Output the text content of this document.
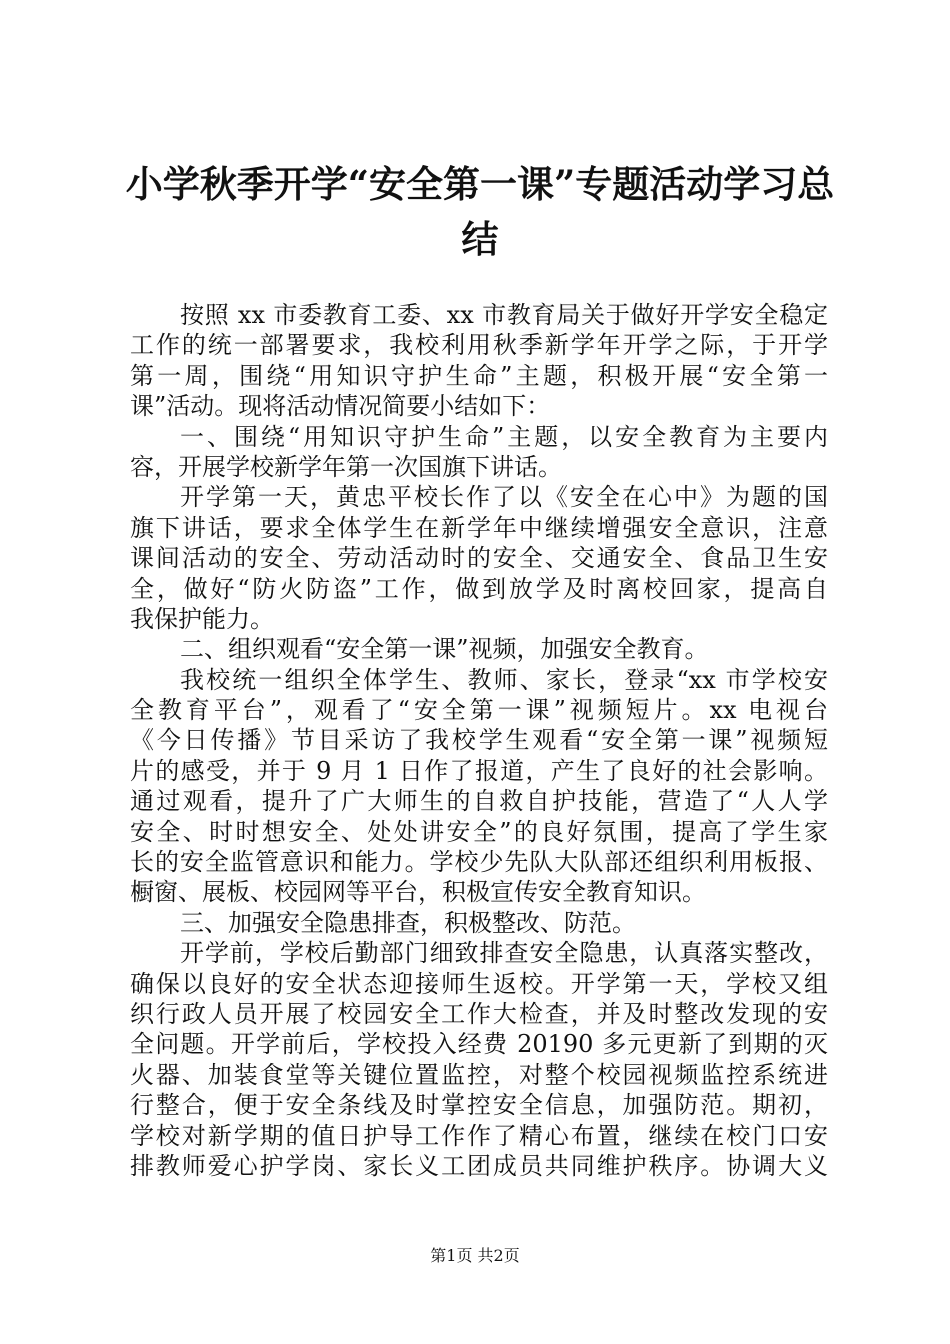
小学秋季开学“安全第一课”专题活动学习总
结
按照 xx 市委教育工委、xx 市教育局关于做好开学安全稳定
工作的统一部署要求，我校利用秋季新学年开学之际，于开学
第一周，围绕“用知识守护生命”主题，积极开展“安全第一
课”活动。现将活动情况简要小结如下：
一、围绕“用知识守护生命”主题，以安全教育为主要内
容，开展学校新学年第一次国旗下讲话。
开学第一天，黄忠平校长作了以《安全在心中》为题的国
旗下讲话，要求全体学生在新学年中继续增强安全意识，注意
课间活动的安全、劳动活动时的安全、交通安全、食品卫生安
全，做好“防火防盗”工作，做到放学及时离校回家，提高自
我保护能力。
二、组织观看“安全第一课”视频，加强安全教育。
我校统一组织全体学生、教师、家长，登录“xx 市学校安
全教育平台”，观看了“安全第一课”视频短片。xx 电视台
《今日传播》节目采访了我校学生观看“安全第一课”视频短
片的感受，并于 9 月 1 日作了报道，产生了良好的社会影响。
通过观看，提升了广大师生的自救自护技能，营造了“人人学
安全、时时想安全、处处讲安全”的良好氛围，提高了学生家
长的安全监管意识和能力。学校少先队大队部还组织利用板报、
橱窗、展板、校园网等平台，积极宣传安全教育知识。
三、加强安全隐患排查，积极整改、防范。
开学前，学校后勤部门细致排查安全隐患，认真落实整改，
确保以良好的安全状态迎接师生返校。开学第一天，学校又组
织行政人员开展了校园安全工作大检查，并及时整改发现的安
全问题。开学前后，学校投入经费 20190 多元更新了到期的灭
火器、加装食堂等关键位置监控，对整个校园视频监控系统进
行整合，便于安全条线及时掌控安全信息，加强防范。期初，
学校对新学期的值日护导工作作了精心布置，继续在校门口安
排教师爱心护学岗、家长义工团成员共同维护秩序。协调大义
第1页 共2页
